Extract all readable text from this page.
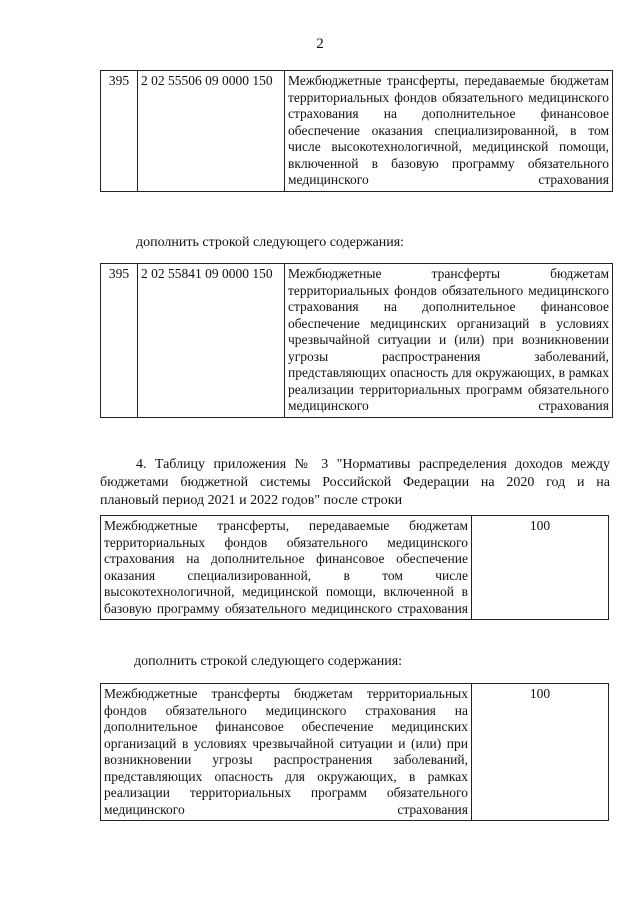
2
395	2 02 55506 09 0000 150	Межбюджетные трансферты, передаваемые бюджетам территориальных фондов обязательного медицинского страхования на дополнительное финансовое обеспечение оказания специализированной, в том числе высокотехнологичной, медицинской помощи, включенной в базовую программу обязательного медицинского страхования
дополнить строкой следующего содержания:
395	2 02 55841 09 0000 150	Межбюджетные трансферты бюджетам территориальных фондов обязательного медицинского страхования на дополнительное финансовое обеспечение медицинских организаций в условиях чрезвычайной ситуации и (или) при возникновении угрозы распространения заболеваний, представляющих опасность для окружающих, в рамках реализации территориальных программ обязательного медицинского страхования
4. Таблицу приложения № 3 "Нормативы распределения доходов между
бюджетами бюджетной системы Российской Федерации на 2020 год и на
плановый период 2021 и 2022 годов" после строки
Межбюджетные трансферты, передаваемые бюджетам территориальных фондов обязательного медицинского страхования на дополнительное финансовое обеспечение оказания специализированной, в том числе высокотехнологичной, медицинской помощи, включенной в базовую программу обязательного медицинского страхования	100
дополнить строкой следующего содержания:
Межбюджетные трансферты бюджетам территориальных фондов обязательного медицинского страхования на дополнительное финансовое обеспечение медицинских организаций в условиях чрезвычайной ситуации и (или) при возникновении угрозы распространения заболеваний, представляющих опасность для окружающих, в рамках реализации территориальных программ обязательного медицинского страхования	100
